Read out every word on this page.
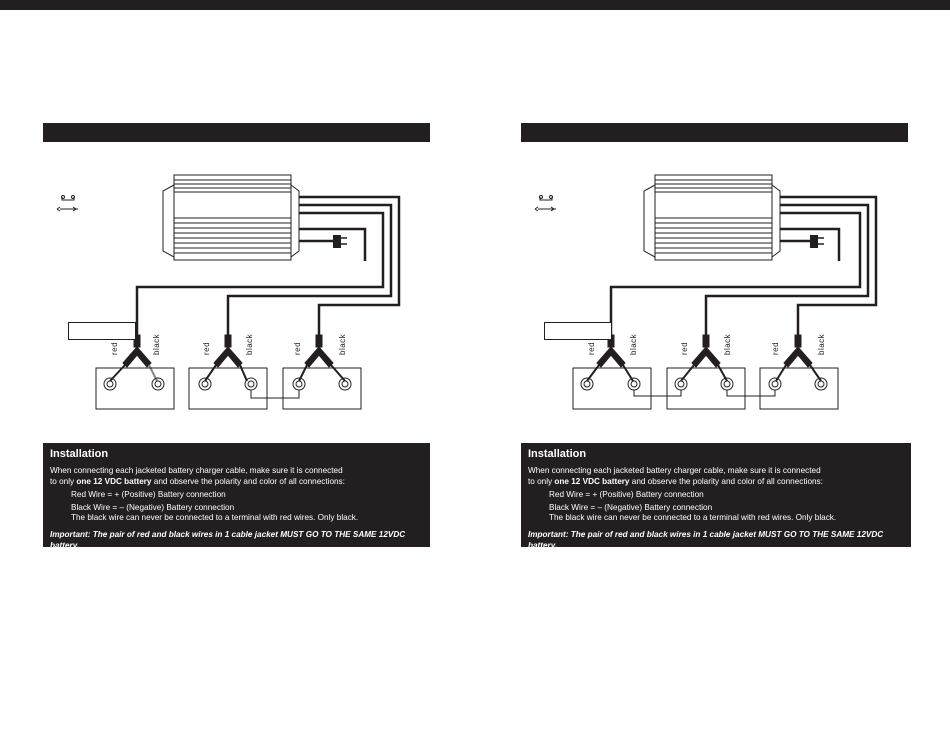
red	black	red	black	red	black
Installation
When connecting each jacketed battery charger cable, make sure it is connected
to only one 12 VDC battery and observe the polarity and color of all connections:
Red Wire = + (Positive) Battery connection
Black Wire = – (Negative) Battery connection
The black wire can never be connected to a terminal with red wires. Only black.
Important: The pair of red and black wires in 1 cable jacket MUST GO TO THE SAME 12VDC battery.
red	black	red	black	red	black
Installation
When connecting each jacketed battery charger cable, make sure it is connected
to only one 12 VDC battery and observe the polarity and color of all connections:
Red Wire = + (Positive) Battery connection
Black Wire = – (Negative) Battery connection
The black wire can never be connected to a terminal with red wires. Only black.
Important: The pair of red and black wires in 1 cable jacket MUST GO TO THE SAME 12VDC battery.
